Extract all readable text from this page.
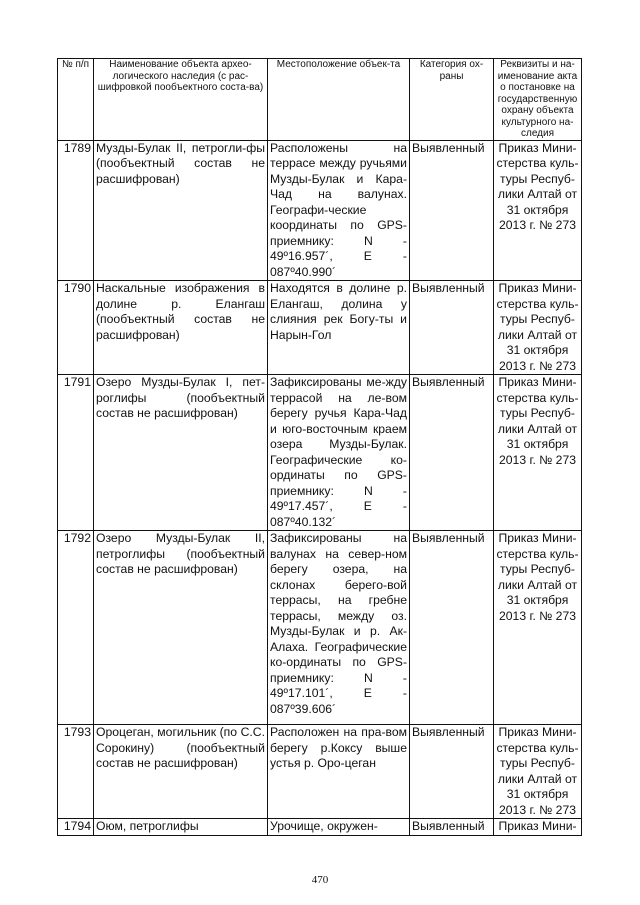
№ п/п	Наименование объекта архео-логического наследия (с рас-шифровкой пообъектного соста-ва)	Местоположение объек-та	Категория ох-раны	Реквизиты и на-именование акта о постановке на государственную охрану объекта культурного на-следия
1789	Музды-Булак II, петрогли-фы (пообъектный состав не расшифрован)	Расположены на террасе между ручьями Музды-Булак и Кара-Чад на валунах. Географи-ческие координаты по GPS-приемнику: N - 49º16.957´, Е - 087º40.990´	Выявленный	Приказ Мини-стерства куль-туры Респуб-лики Алтай от 31 октября 2013 г. № 273
1790	Наскальные изображения в долине р. Елангаш (пообъектный состав не расшифрован)	Находятся в долине р. Елангаш, долина у слияния рек Богу-ты и Нарын-Гол	Выявленный	Приказ Мини-стерства куль-туры Респуб-лики Алтай от 31 октября 2013 г. № 273
1791	Озеро Музды-Булак I, пет-роглифы (пообъектный состав не расшифрован)	Зафиксированы ме-жду террасой на ле-вом берегу ручья Кара-Чад и юго-восточным краем озера Музды-Булак. Географические ко-ординаты по GPS-приемнику: N - 49º17.457´, Е - 087º40.132´	Выявленный	Приказ Мини-стерства куль-туры Респуб-лики Алтай от 31 октября 2013 г. № 273
1792	Озеро Музды-Булак II, петроглифы (пообъектный состав не расшифрован)	Зафиксированы на валунах на север-ном берегу озера, на склонах берего-вой террасы, на гребне террасы, между оз. Музды-Булак и р. Ак-Алаха. Географические ко-ординаты по GPS-приемнику: N - 49º17.101´, Е - 087º39.606´	Выявленный	Приказ Мини-стерства куль-туры Респуб-лики Алтай от 31 октября 2013 г. № 273
1793	Ороцеган, могильник (по С.С. Сорокину) (пообъектный состав не расшифрован)	Расположен на пра-вом берегу р.Коксу выше устья р. Оро-цеган	Выявленный	Приказ Мини-стерства куль-туры Респуб-лики Алтай от 31 октября 2013 г. № 273
1794	Оюм, петроглифы	Урочище, окружен-	Выявленный	Приказ Мини-
470
